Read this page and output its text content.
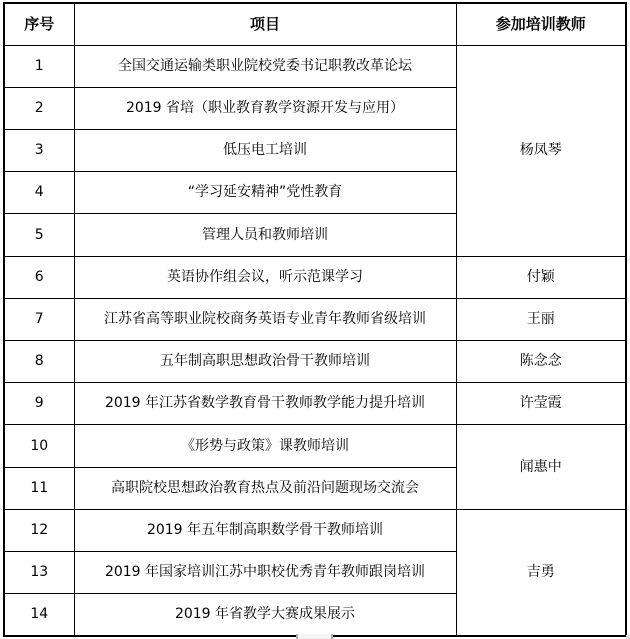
序号	项目	参加培训教师
1	全国交通运输类职业院校党委书记职教改革论坛	杨凤琴
2	2019 省培（职业教育教学资源开发与应用）	
3	低压电工培训	
4	“学习延安精神”党性教育	
5	管理人员和教师培训	
6	英语协作组会议，听示范课学习	付颖
7	江苏省高等职业院校商务英语专业青年教师省级培训	王丽
8	五年制高职思想政治骨干教师培训	陈念念
9	2019 年江苏省数学教育骨干教师教学能力提升培训	许莹霞
10	《形势与政策》课教师培训	闻惠中
11	高职院校思想政治教育热点及前沿问题现场交流会	
12	2019 年五年制高职数学骨干教师培训	吉勇
13	2019 年国家培训江苏中职校优秀青年教师跟岗培训	
14	2019 年省教学大赛成果展示	
